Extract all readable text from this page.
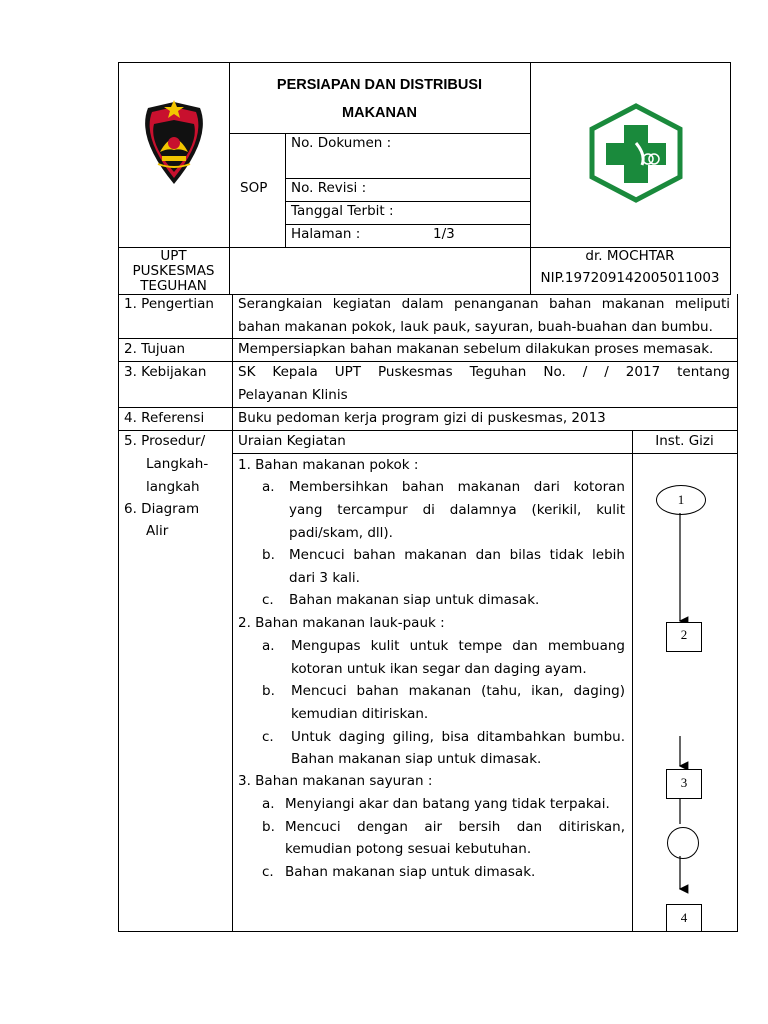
PERSIAPAN DAN DISTRIBUSI
MAKANAN
SOP
No. Dokumen :
No. Revisi :
Tanggal Terbit :
Halaman :	1/3
UPT
PUSKESMAS
TEGUHAN
dr. MOCHTAR
NIP.197209142005011003
1. Pengertian
2. Tujuan
3. Kebijakan
4. Referensi
5. Prosedur/
Langkah-
langkah
6. Diagram
Alir
Serangkaian kegiatan dalam penanganan bahan makanan meliputi
bahan makanan pokok, lauk pauk, sayuran, buah-buahan dan bumbu.
Mempersiapkan bahan makanan sebelum dilakukan proses memasak.
SK Kepala UPT Puskesmas Teguhan No. / / 2017 tentang
Pelayanan Klinis
Buku pedoman kerja program gizi di puskesmas, 2013
Uraian Kegiatan	Inst. Gizi
1. Bahan makanan pokok :
a. Membersihkan bahan makanan dari kotoran
yang tercampur di dalamnya (kerikil, kulit
padi/skam, dll).
b. Mencuci bahan makanan dan bilas tidak lebih
dari 3 kali.
c. Bahan makanan siap untuk dimasak.
2. Bahan makanan lauk-pauk :
a. Mengupas kulit untuk tempe dan membuang
kotoran untuk ikan segar dan daging ayam.
b. Mencuci bahan makanan (tahu, ikan, daging)
kemudian ditiriskan.
c. Untuk daging giling, bisa ditambahkan bumbu.
Bahan makanan siap untuk dimasak.
3. Bahan makanan sayuran :
a. Menyiangi akar dan batang yang tidak terpakai.
b. Mencuci dengan air bersih dan ditiriskan,
kemudian potong sesuai kebutuhan.
c. Bahan makanan siap untuk dimasak.
1
2
3
4
